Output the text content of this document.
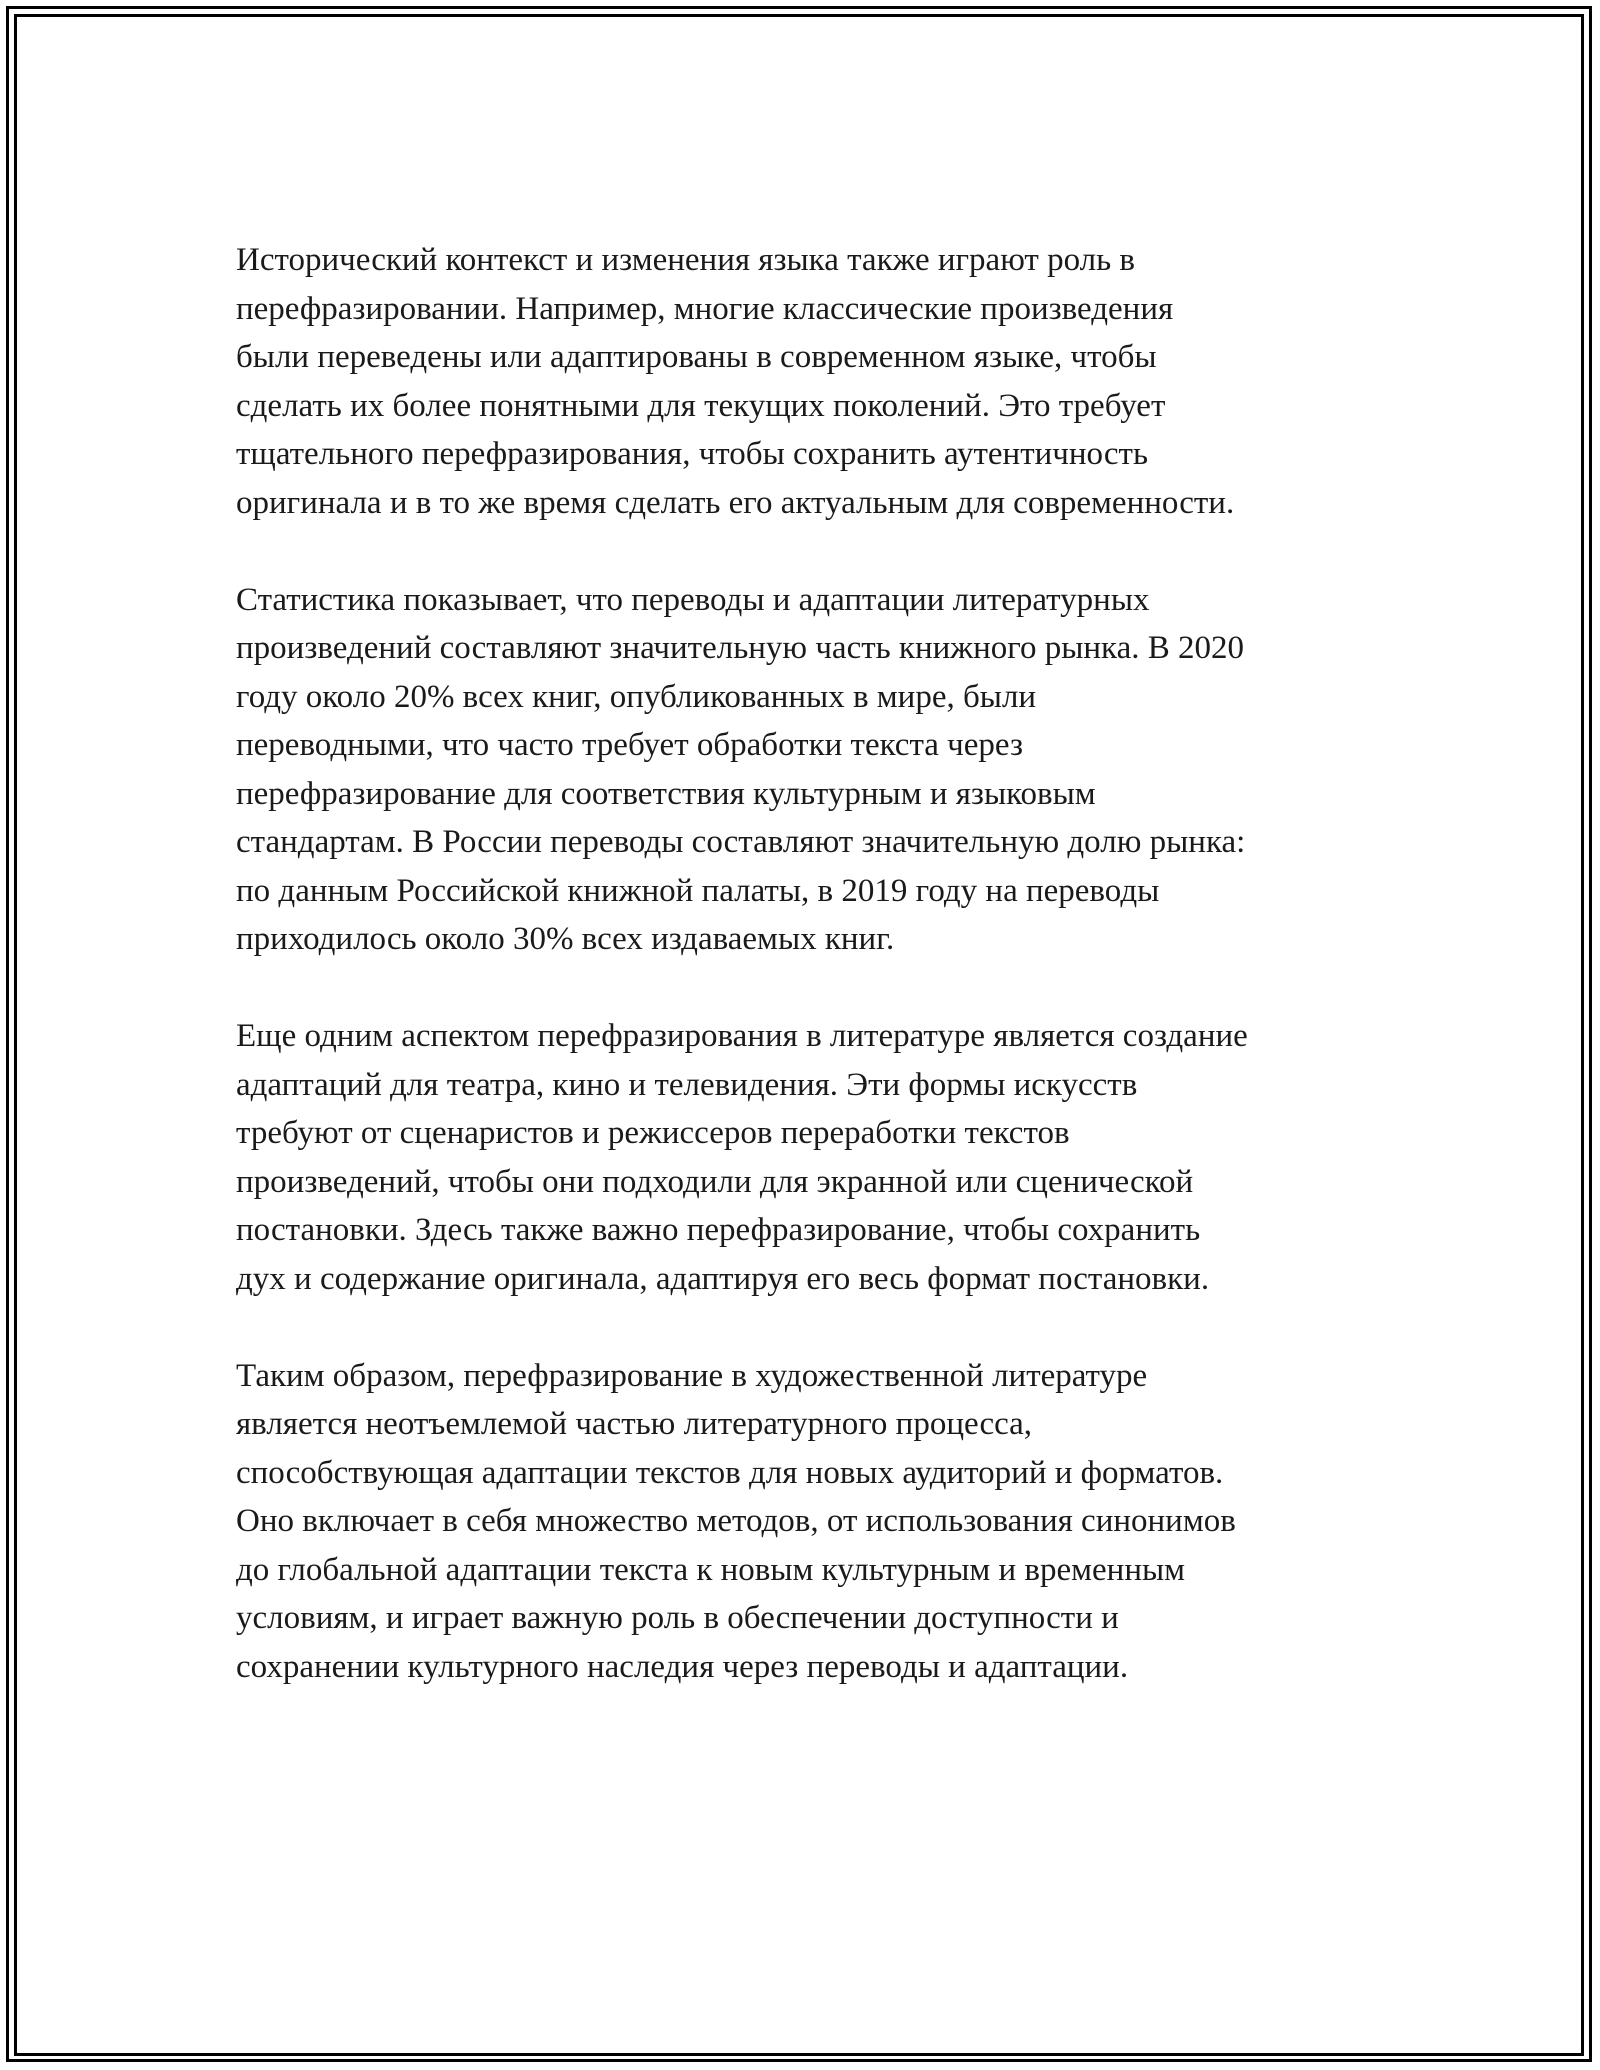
Исторический контекст и изменения языка также играют роль в
перефразировании. Например, многие классические произведения
были переведены или адаптированы в современном языке, чтобы
сделать их более понятными для текущих поколений. Это требует
тщательного перефразирования, чтобы сохранить аутентичность
оригинала и в то же время сделать его актуальным для современности.

Статистика показывает, что переводы и адаптации литературных
произведений составляют значительную часть книжного рынка. В 2020
году около 20% всех книг, опубликованных в мире, были
переводными, что часто требует обработки текста через
перефразирование для соответствия культурным и языковым
стандартам. В России переводы составляют значительную долю рынка:
по данным Российской книжной палаты, в 2019 году на переводы
приходилось около 30% всех издаваемых книг.

Еще одним аспектом перефразирования в литературе является создание
адаптаций для театра, кино и телевидения. Эти формы искусств
требуют от сценаристов и режиссеров переработки текстов
произведений, чтобы они подходили для экранной или сценической
постановки. Здесь также важно перефразирование, чтобы сохранить
дух и содержание оригинала, адаптируя его весь формат постановки.

Таким образом, перефразирование в художественной литературе
является неотъемлемой частью литературного процесса,
способствующая адаптации текстов для новых аудиторий и форматов.
Оно включает в себя множество методов, от использования синонимов
до глобальной адаптации текста к новым культурным и временным
условиям, и играет важную роль в обеспечении доступности и
сохранении культурного наследия через переводы и адаптации.
